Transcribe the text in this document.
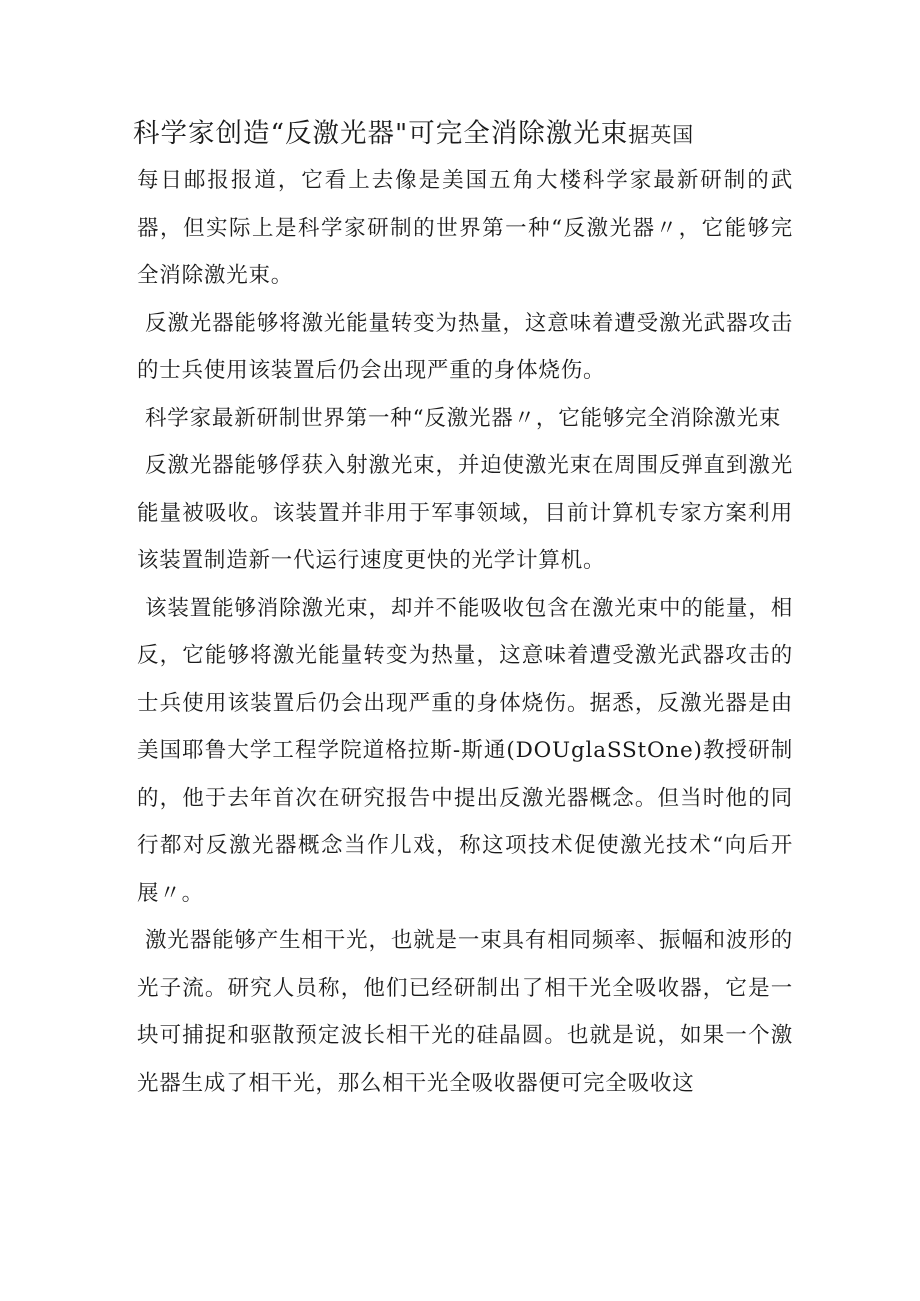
科学家创造“反激光器"可完全消除激光束据英国

每日邮报报道，它看上去像是美国五角大楼科学家最新研制的武器，但实际上是科学家研制的世界第一种“反激光器〃，它能够完全消除激光束。

反激光器能够将激光能量转变为热量，这意味着遭受激光武器攻击的士兵使用该装置后仍会出现严重的身体烧伤。

科学家最新研制世界第一种“反激光器〃，它能够完全消除激光束

反激光器能够俘获入射激光束，并迫使激光束在周围反弹直到激光能量被吸收。该装置并非用于军事领域，目前计算机专家方案利用该装置制造新一代运行速度更快的光学计算机。

该装置能够消除激光束，却并不能吸收包含在激光束中的能量，相反，它能够将激光能量转变为热量，这意味着遭受激光武器攻击的士兵使用该装置后仍会出现严重的身体烧伤。据悉，反激光器是由美国耶鲁大学工程学院道格拉斯-斯通(DOUglaSStOne)教授研制的，他于去年首次在研究报告中提出反激光器概念。但当时他的同行都对反激光器概念当作儿戏，称这项技术促使激光技术“向后开展〃。

激光器能够产生相干光，也就是一束具有相同频率、振幅和波形的光子流。研究人员称，他们已经研制出了相干光全吸收器，它是一块可捕捉和驱散预定波长相干光的硅晶圆。也就是说，如果一个激光器生成了相干光，那么相干光全吸收器便可完全吸收这
